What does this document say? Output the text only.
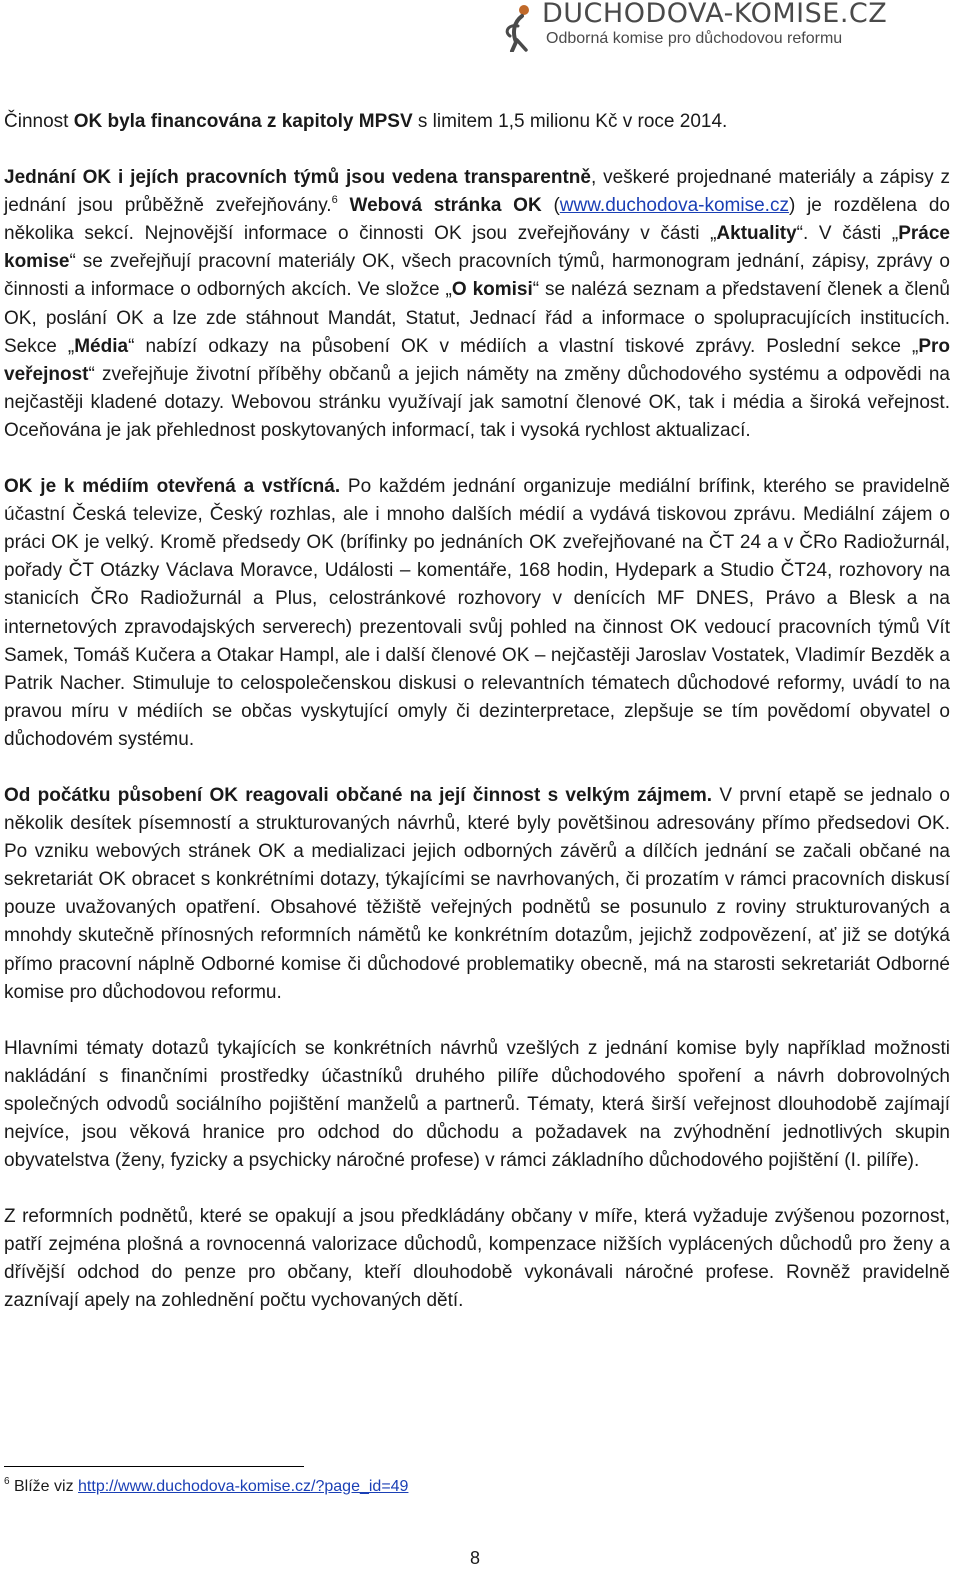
DUCHODOVA-KOMISE.CZ
Odborná komise pro důchodovou reformu

Činnost OK byla financována z kapitoly MPSV s limitem 1,5 milionu Kč v roce 2014.

Jednání OK i jejích pracovních týmů jsou vedena transparentně, veškeré projednané materiály a zápisy z jednání jsou průběžně zveřejňovány.$^6$ Webová stránka OK (www.duchodova-komise.cz) je rozdělena do několika sekcí. Nejnovější informace o činnosti OK jsou zveřejňovány v části „Aktuality“. V části „Práce komise“ se zveřejňují pracovní materiály OK, všech pracovních týmů, harmonogram jednání, zápisy, zprávy o činnosti a informace o odborných akcích. Ve složce „O komisi“ se nalézá seznam a představení členek a členů OK, poslání OK a lze zde stáhnout Mandát, Statut, Jednací řád a informace o spolupracujících institucích. Sekce „Média“ nabízí odkazy na působení OK v médiích a vlastní tiskové zprávy. Poslední sekce „Pro veřejnost“ zveřejňuje životní příběhy občanů a jejich náměty na změny důchodového systému a odpovědi na nejčastěji kladené dotazy. Webovou stránku využívají jak samotní členové OK, tak i média a široká veřejnost. Oceňována je jak přehlednost poskytovaných informací, tak i vysoká rychlost aktualizací.

OK je k médiím otevřená a vstřícná. Po každém jednání organizuje mediální brífink, kterého se pravidelně účastní Česká televize, Český rozhlas, ale i mnoho dalších médií a vydává tiskovou zprávu. Mediální zájem o práci OK je velký. Kromě předsedy OK (brífinky po jednáních OK zveřejňované na ČT 24 a v ČRo Radiožurnál, pořady ČT Otázky Václava Moravce, Události – komentáře, 168 hodin, Hydepark a Studio ČT24, rozhovory na stanicích ČRo Radiožurnál a Plus, celostránkové rozhovory v denících MF DNES, Právo a Blesk a na internetových zpravodajských serverech) prezentovali svůj pohled na činnost OK vedoucí pracovních týmů Vít Samek, Tomáš Kučera a Otakar Hampl, ale i další členové OK – nejčastěji Jaroslav Vostatek, Vladimír Bezděk a Patrik Nacher. Stimuluje to celospolečenskou diskusi o relevantních tématech důchodové reformy, uvádí to na pravou míru v médiích se občas vyskytující omyly či dezinterpretace, zlepšuje se tím povědomí obyvatel o důchodovém systému.

Od počátku působení OK reagovali občané na její činnost s velkým zájmem. V první etapě se jednalo o několik desítek písemností a strukturovaných návrhů, které byly povětšinou adresovány přímo předsedovi OK. Po vzniku webových stránek OK a medializaci jejich odborných závěrů a dílčích jednání se začali občané na sekretariát OK obracet s konkrétními dotazy, týkajícími se navrhovaných, či prozatím v rámci pracovních diskusí pouze uvažovaných opatření. Obsahové těžiště veřejných podnětů se posunulo z roviny strukturovaných a mnohdy skutečně přínosných reformních námětů ke konkrétním dotazům, jejichž zodpovězení, ať již se dotýká přímo pracovní náplně Odborné komise či důchodové problematiky obecně, má na starosti sekretariát Odborné komise pro důchodovou reformu.

Hlavními tématy dotazů tykajících se konkrétních návrhů vzešlých z jednání komise byly například možnosti nakládání s finančními prostředky účastníků druhého pilíře důchodového spoření a návrh dobrovolných společných odvodů sociálního pojištění manželů a partnerů. Tématy, která širší veřejnost dlouhodobě zajímají nejvíce, jsou věková hranice pro odchod do důchodu a požadavek na zvýhodnění jednotlivých skupin obyvatelstva (ženy, fyzicky a psychicky náročné profese) v rámci základního důchodového pojištění (I. pilíře).

Z reformních podnětů, které se opakují a jsou předkládány občany v míře, která vyžaduje zvýšenou pozornost, patří zejména plošná a rovnocenná valorizace důchodů, kompenzace nižších vyplácených důchodů pro ženy a dřívější odchod do penze pro občany, kteří dlouhodobě vykonávali náročné profese. Rovněž pravidelně zaznívají apely na zohlednění počtu vychovaných dětí.

$^6$ Blíže viz http://www.duchodova-komise.cz/?page_id=49
8
